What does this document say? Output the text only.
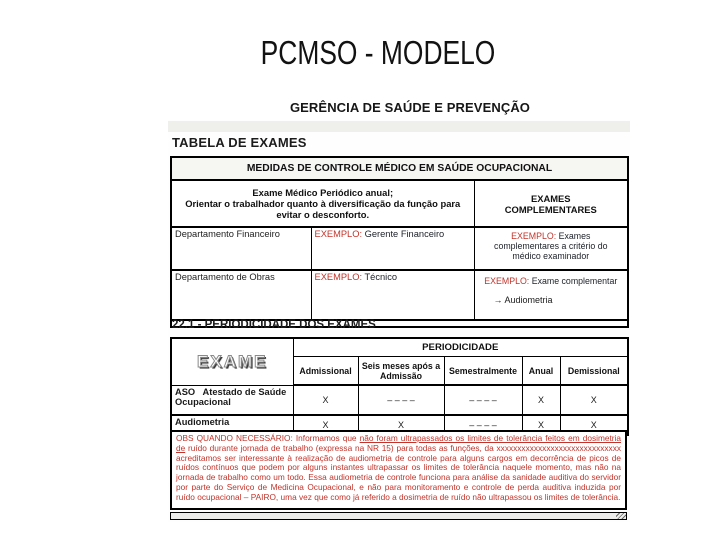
PCMSO - MODELO
GERÊNCIA DE SAÚDE E PREVENÇÃO
TABELA DE EXAMES
MEDIDAS DE CONTROLE MÉDICO EM SAÚDE OCUPACIONAL		

Exame Médico Periódico anual;
Orientar o trabalhador quanto à diversificação da função para evitar o desconforto.		EXAMES COMPLEMENTARES

Departamento Financeiro	EXEMPLO: Gerente Financeiro	EXEMPLO: Exames complementares a critério do médico examinador

Departamento de Obras	EXEMPLO: Técnico	EXEMPLO: Exame complementar
→ Audiometria

22.1 - PERIODICIDADE DOS EXAMES
EXAME	PERIODICIDADE				
	Admissional	Seis meses após a Admissão	Semestralmente	Anual	Demissional
ASO   Atestado de Saúde Ocupacional	X	– – – –	– – – –	X	X
Audiometria	X	X	– – – –	X	X
OBS QUANDO NECESSÁRIO: Informamos que não foram ultrapassados os limites de tolerância feitos em dosimetria de ruído durante jornada de trabalho (expressa na NR 15) para todas as funções, da xxxxxxxxxxxxxxxxxxxxxxxxxxxxxx acreditamos ser interessante à realização de audiometria de controle para alguns cargos em decorrência de picos de ruídos contínuos que podem por alguns instantes ultrapassar os limites de tolerância naquele momento, mas não na jornada de trabalho como um todo. Essa audiometria de controle funciona para análise da sanidade auditiva do servidor por parte do Serviço de Medicina Ocupacional, e não para monitoramento e controle de perda auditiva induzida por ruído ocupacional – PAIRO, uma vez que como já referido a dosimetria de ruído não ultrapassou os limites de tolerância.
